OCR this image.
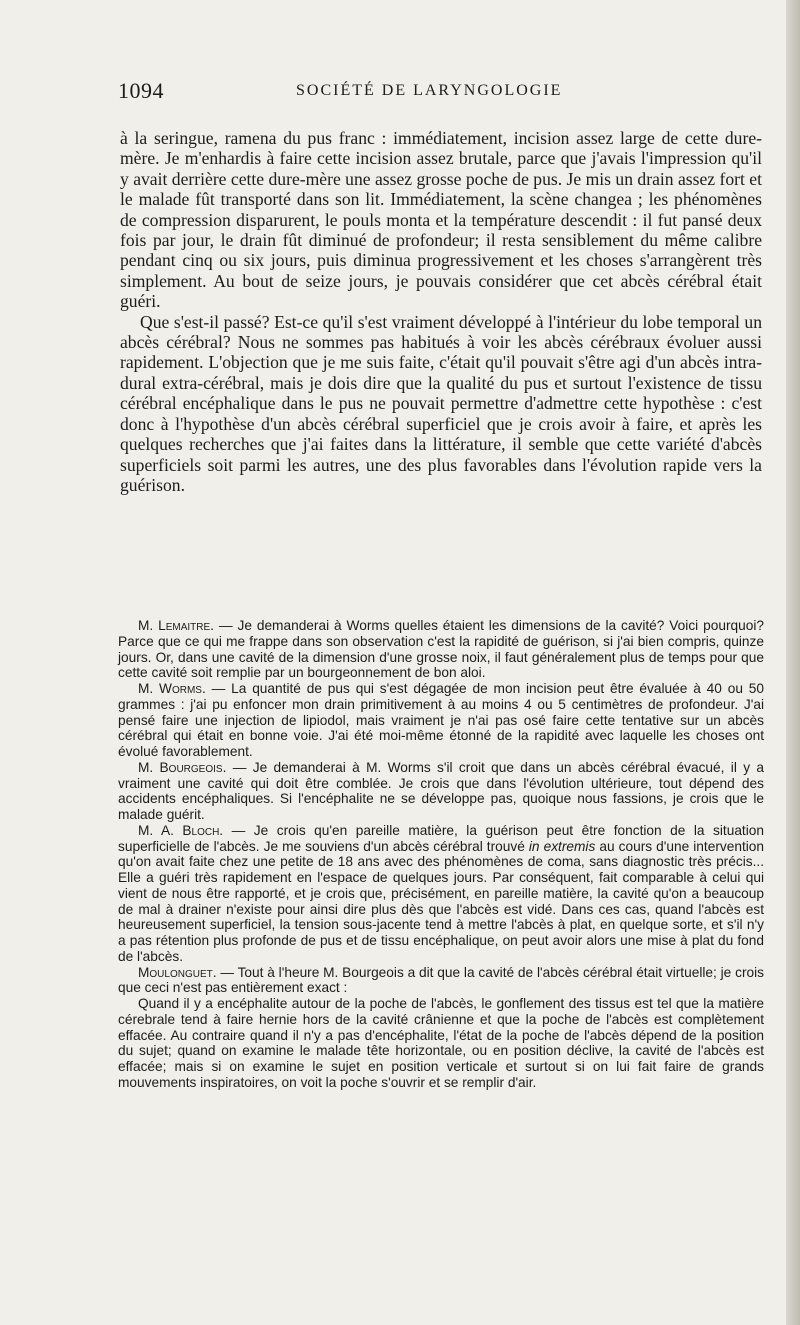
1094	SOCIÉTÉ DE LARYNGOLOGIE

à la seringue, ramena du pus franc : immédiatement, incision assez large de cette dure-mère. Je m'enhardis à faire cette incision assez brutale, parce que j'avais l'impression qu'il y avait derrière cette dure-mère une assez grosse poche de pus. Je mis un drain assez fort et le malade fût transporté dans son lit. Immédiatement, la scène changea ; les phénomènes de compression disparurent, le pouls monta et la température descendit : il fut pansé deux fois par jour, le drain fût diminué de profondeur; il resta sensiblement du même calibre pendant cinq ou six jours, puis diminua progressivement et les choses s'arrangèrent très simplement. Au bout de seize jours, je pouvais considérer que cet abcès cérébral était guéri.

Que s'est-il passé? Est-ce qu'il s'est vraiment développé à l'intérieur du lobe temporal un abcès cérébral? Nous ne sommes pas habitués à voir les abcès cérébraux évoluer aussi rapidement. L'objection que je me suis faite, c'était qu'il pouvait s'être agi d'un abcès intra-dural extra-cérébral, mais je dois dire que la qualité du pus et surtout l'existence de tissu cérébral encéphalique dans le pus ne pouvait permettre d'admettre cette hypothèse : c'est donc à l'hypothèse d'un abcès cérébral superficiel que je crois avoir à faire, et après les quelques recherches que j'ai faites dans la littérature, il semble que cette variété d'abcès superficiels soit parmi les autres, une des plus favorables dans l'évolution rapide vers la guérison.

M. Lemaitre. — Je demanderai à Worms quelles étaient les dimensions de la cavité? Voici pourquoi? Parce que ce qui me frappe dans son observation c'est la rapidité de guérison, si j'ai bien compris, quinze jours. Or, dans une cavité de la dimension d'une grosse noix, il faut généralement plus de temps pour que cette cavité soit remplie par un bourgeonnement de bon aloi.

M. Worms. — La quantité de pus qui s'est dégagée de mon incision peut être évaluée à 40 ou 50 grammes : j'ai pu enfoncer mon drain primitivement à au moins 4 ou 5 centimètres de profondeur. J'ai pensé faire une injection de lipiodol, mais vraiment je n'ai pas osé faire cette tentative sur un abcès cérébral qui était en bonne voie. J'ai été moi-même étonné de la rapidité avec laquelle les choses ont évolué favorablement.

M. Bourgeois. — Je demanderai à M. Worms s'il croit que dans un abcès cérébral évacué, il y a vraiment une cavité qui doit être comblée. Je crois que dans l'évolution ultérieure, tout dépend des accidents encéphaliques. Si l'encéphalite ne se développe pas, quoique nous fassions, je crois que le malade guérit.

M. A. Bloch. — Je crois qu'en pareille matière, la guérison peut être fonction de la situation superficielle de l'abcès. Je me souviens d'un abcès cérébral trouvé in extremis au cours d'une intervention qu'on avait faite chez une petite de 18 ans avec des phénomènes de coma, sans diagnostic très précis... Elle a guéri très rapidement en l'espace de quelques jours. Par conséquent, fait comparable à celui qui vient de nous être rapporté, et je crois que, précisément, en pareille matière, la cavité qu'on a beaucoup de mal à drainer n'existe pour ainsi dire plus dès que l'abcès est vidé. Dans ces cas, quand l'abcès est heureusement superficiel, la tension sous-jacente tend à mettre l'abcès à plat, en quelque sorte, et s'il n'y a pas rétention plus profonde de pus et de tissu encéphalique, on peut avoir alors une mise à plat du fond de l'abcès.

Moulonguet. — Tout à l'heure M. Bourgeois a dit que la cavité de l'abcès cérébral était virtuelle; je crois que ceci n'est pas entièrement exact :

Quand il y a encéphalite autour de la poche de l'abcès, le gonflement des tissus est tel que la matière cérebrale tend à faire hernie hors de la cavité crânienne et que la poche de l'abcès est complètement effacée. Au contraire quand il n'y a pas d'encéphalite, l'état de la poche de l'abcès dépend de la position du sujet; quand on examine le malade tête horizontale, ou en position déclive, la cavité de l'abcès est effacée; mais si on examine le sujet en position verticale et surtout si on lui fait faire de grands mouvements inspiratoires, on voit la poche s'ouvrir et se remplir d'air.
